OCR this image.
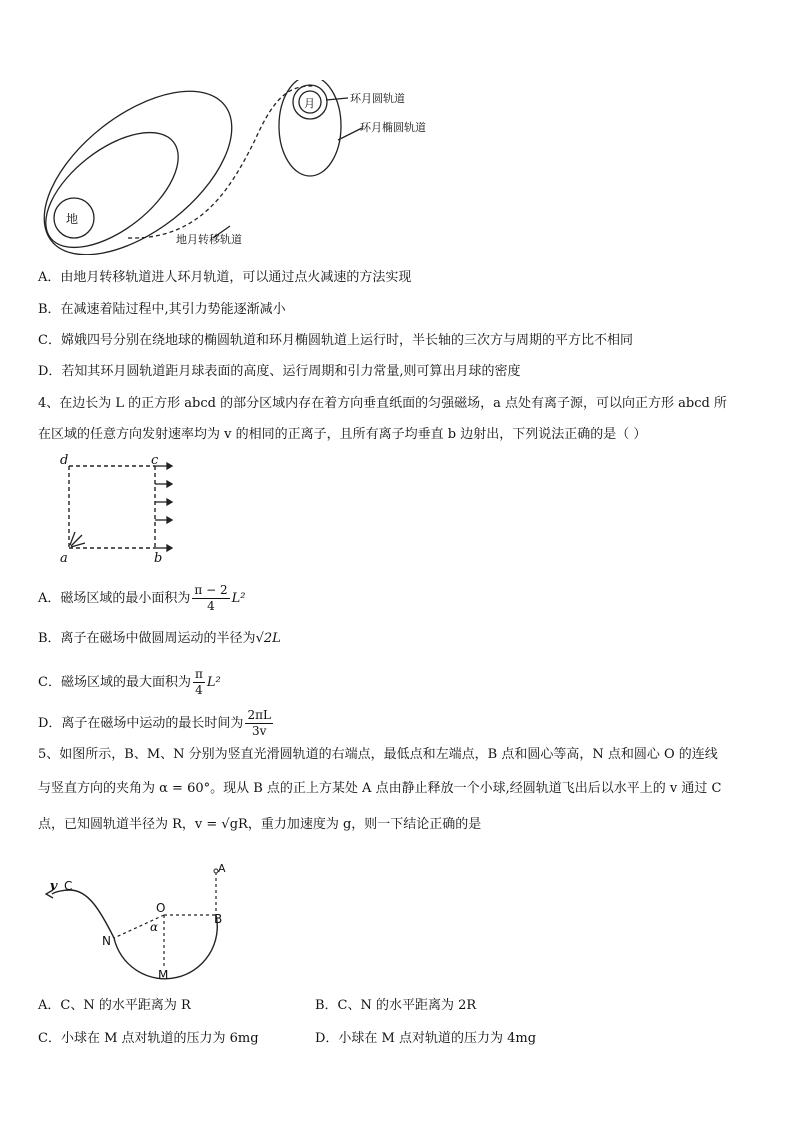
地
月	环月圆轨道
环月椭圆轨道
地月转移轨道
A．由地月转移轨道进人环月轨道，可以通过点火减速的方法实现
B．在减速着陆过程中,其引力势能逐渐减小
C．嫦娥四号分别在绕地球的椭圆轨道和环月椭圆轨道上运行时，半长轴的三次方与周期的平方比不相同
D．若知其环月圆轨道距月球表面的高度、运行周期和引力常量,则可算出月球的密度
4、在边长为 L 的正方形 abcd 的部分区域内存在着方向垂直纸面的匀强磁场，a 点处有离子源，可以向正方形 abcd 所
在区域的任意方向发射速率均为 v 的相同的正离子，且所有离子均垂直 b 边射出，下列说法正确的是（ ）
d	c
a	b
A．磁场区域的最小面积为 $\frac{\pi - 2}{4} L^2$
B．离子在磁场中做圆周运动的半径为√2L
C．磁场区域的最大面积为 $\frac{\pi}{4} L^2$
D．离子在磁场中运动的最长时间为 $\frac{2\pi L}{3v}$
5、如图所示，B、M、N 分别为竖直光滑圆轨道的右端点，最低点和左端点，B 点和圆心等高，N 点和圆心 O 的连线
与竖直方向的夹角为 α = 60°。现从 B 点的正上方某处 A 点由静止释放一个小球,经圆轨道飞出后以水平上的 v 通过 C
点，已知圆轨道半径为 R，v = √gR，重力加速度为 g，则一下结论正确的是
v C
A
O
α
B
N
M
A．C、N 的水平距离为 R	B．C、N 的水平距离为 2R
C．小球在 M 点对轨道的压力为 6mg	D．小球在 M 点对轨道的压力为 4mg
